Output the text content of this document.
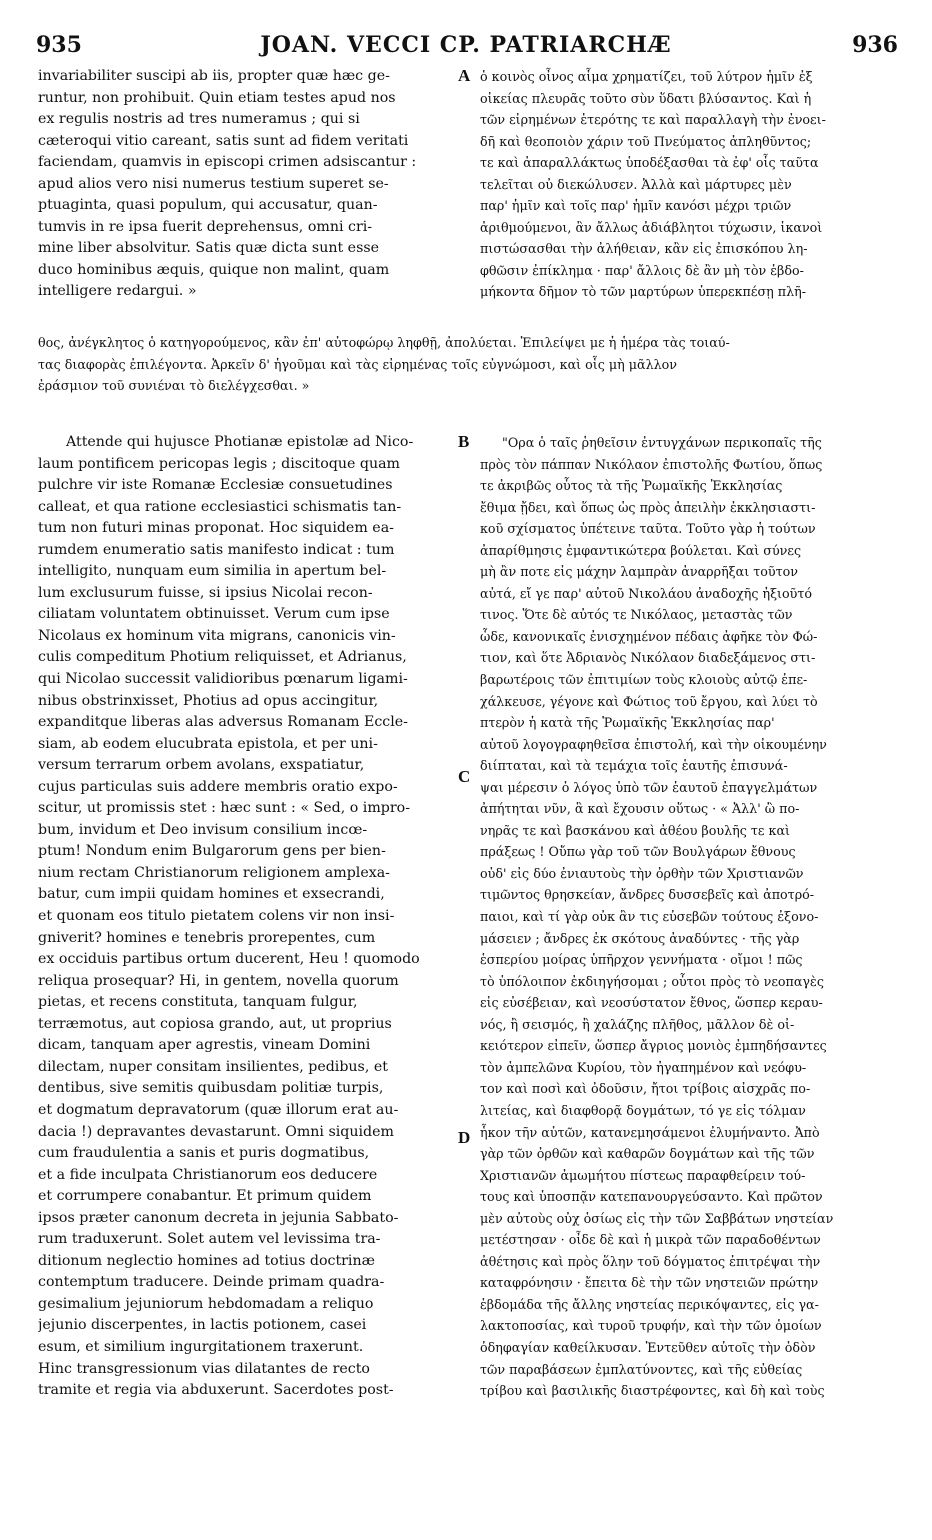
935	JOAN. VECCI CP. PATRIARCHÆ	936
A
B
C
D
invariabiliter suscipi ab iis, propter quæ hæc ge-
runtur, non prohibuit. Quin etiam testes apud nos
ex regulis nostris ad tres numeramus ; qui si
cæteroqui vitio careant, satis sunt ad fidem veritati
faciendam, quamvis in episcopi crimen adsiscantur :
apud alios vero nisi numerus testium superet se-
ptuaginta, quasi populum, qui accusatur, quan-
tumvis in re ipsa fuerit deprehensus, omni cri-
mine liber absolvitur. Satis quæ dicta sunt esse
duco hominibus æquis, quique non malint, quam
intelligere redargui. »
ὁ κοινὸς οἶνος αἷμα χρηματίζει, τοῦ λύτρον ἡμῖν ἐξ
οἰκείας πλευρᾶς τοῦτο σὺν ὕδατι βλύσαντος. Καὶ ἡ
τῶν εἰρημένων ἑτερότης τε καὶ παραλλαγὴ τὴν ἐνοει-
δῆ καὶ θεοποιὸν χάριν τοῦ Πνεύματος ἀπληθῦντος;
τε καὶ ἀπαραλλάκτως ὑποδέξασθαι τὰ ἐφ' οἷς ταῦτα
τελεῖται οὐ διεκώλυσεν. Ἀλλὰ καὶ μάρτυρες μὲν
παρ' ἡμῖν καὶ τοῖς παρ' ἡμῖν κανόσι μέχρι τριῶν
ἀριθμούμενοι, ἂν ἄλλως ἀδιάβλητοι τύχωσιν, ἱκανοὶ
πιστώσασθαι τὴν ἀλήθειαν, κἂν εἰς ἐπισκόπου λη-
φθῶσιν ἐπίκλημα · παρ' ἄλλοις δὲ ἂν μὴ τὸν ἑβδο-
μήκοντα δῆμον τὸ τῶν μαρτύρων ὑπερεκπέσῃ πλῆ-
θος, ἀνέγκλητος ὁ κατηγορούμενος, κἂν ἐπ' αὐτοφώρῳ ληφθῇ, ἀπολύεται. Ἐπιλείψει με ἡ ἡμέρα τὰς τοιαύ-
τας διαφορὰς ἐπιλέγοντα. Ἀρκεῖν δ' ἡγοῦμαι καὶ τὰς εἰρημένας τοῖς εὐγνώμοσι, καὶ οἷς μὴ μᾶλλον
ἐράσμιον τοῦ συνιέναι τὸ διελέγχεσθαι. »
Attende qui hujusce Photianæ epistolæ ad Nico-
laum pontificem pericopas legis ; discitoque quam
pulchre vir iste Romanæ Ecclesiæ consuetudines
calleat, et qua ratione ecclesiastici schismatis tan-
tum non futuri minas proponat. Hoc siquidem ea-
rumdem enumeratio satis manifesto indicat : tum
intelligito, nunquam eum similia in apertum bel-
lum exclusurum fuisse, si ipsius Nicolai recon-
ciliatam voluntatem obtinuisset. Verum cum ipse
Nicolaus ex hominum vita migrans, canonicis vin-
culis compeditum Photium reliquisset, et Adrianus,
qui Nicolao successit validioribus pœnarum ligami-
nibus obstrinxisset, Photius ad opus accingitur,
expanditque liberas alas adversus Romanam Eccle-
siam, ab eodem elucubrata epistola, et per uni-
versum terrarum orbem avolans, exspatiatur,
cujus particulas suis addere membris oratio expo-
scitur, ut promissis stet : hæc sunt : « Sed, o impro-
bum, invidum et Deo invisum consilium incœ-
ptum! Nondum enim Bulgarorum gens per bien-
nium rectam Christianorum religionem amplexa-
batur, cum impii quidam homines et exsecrandi,
et quonam eos titulo pietatem colens vir non insi-
gniverit? homines e tenebris prorepentes, cum
ex occiduis partibus ortum ducerent, Heu ! quomodo
reliqua prosequar? Hi, in gentem, novella quorum
pietas, et recens constituta, tanquam fulgur,
terræmotus, aut copiosa grando, aut, ut proprius
dicam, tanquam aper agrestis, vineam Domini
dilectam, nuper consitam insilientes, pedibus, et
dentibus, sive semitis quibusdam politiæ turpis,
et dogmatum depravatorum (quæ illorum erat au-
dacia !) depravantes devastarunt. Omni siquidem
cum fraudulentia a sanis et puris dogmatibus,
et a fide inculpata Christianorum eos deducere
et corrumpere conabantur. Et primum quidem
ipsos præter canonum decreta in jejunia Sabbato-
rum traduxerunt. Solet autem vel levissima tra-
ditionum neglectio homines ad totius doctrinæ
contemptum traducere. Deinde primam quadra-
gesimalium jejuniorum hebdomadam a reliquo
jejunio discerpentes, in lactis potionem, casei
esum, et similium ingurgitationem traxerunt.
Hinc transgressionum vias dilatantes de recto
tramite et regia via abduxerunt. Sacerdotes post-
"Ορα ὁ ταῖς ῥηθεῖσιν ἐντυγχάνων περικοπαῖς τῆς
πρὸς τὸν πάππαν Νικόλαον ἐπιστολῆς Φωτίου, ὅπως
τε ἀκριβῶς οὗτος τὰ τῆς Ῥωμαϊκῆς Ἐκκλησίας
ἔθιμα ᾔδει, καὶ ὅπως ὡς πρὸς ἀπειλὴν ἐκκλησιαστι-
κοῦ σχίσματος ὑπέτεινε ταῦτα. Τοῦτο γὰρ ἡ τούτων
ἀπαρίθμησις ἐμφαντικώτερα βούλεται. Καὶ σύνες
μὴ ἂν ποτε εἰς μάχην λαμπρὰν ἀναρρῆξαι τοῦτον
αὐτά, εἴ γε παρ' αὐτοῦ Νικολάου ἀναδοχῆς ἠξιοῦτό
τινος. Ὅτε δὲ αὐτός τε Νικόλαος, μεταστὰς τῶν
ὧδε, κανονικαῖς ἐνισχημένον πέδαις ἀφῆκε τὸν Φώ-
τιον, καὶ ὅτε Ἀδριανὸς Νικόλαον διαδεξάμενος στι-
βαρωτέροις τῶν ἐπιτιμίων τοὺς κλοιοὺς αὐτῷ ἐπε-
χάλκευσε, γέγονε καὶ Φώτιος τοῦ ἔργου, καὶ λύει τὸ
πτερὸν ἡ κατὰ τῆς Ῥωμαϊκῆς Ἐκκλησίας παρ'
αὐτοῦ λογογραφηθεῖσα ἐπιστολή, καὶ τὴν οἰκουμένην
διίπταται, καὶ τὰ τεμάχια τοῖς ἑαυτῆς ἐπισυνά-
ψαι μέρεσιν ὁ λόγος ὑπὸ τῶν ἑαυτοῦ ἐπαγγελμάτων
ἀπήτηται νῦν, ἃ καὶ ἔχουσιν οὕτως · « Ἀλλ' ὢ πο-
νηρᾶς τε καὶ βασκάνου καὶ ἀθέου βουλῆς τε καὶ
πράξεως ! Οὔπω γὰρ τοῦ τῶν Βουλγάρων ἔθνους
οὐδ' εἰς δύο ἐνιαυτοὺς τὴν ὀρθὴν τῶν Χριστιανῶν
τιμῶντος θρησκείαν, ἄνδρες δυσσεβεῖς καὶ ἀποτρό-
παιοι, καὶ τί γὰρ οὐκ ἂν τις εὐσεβῶν τούτους ἐξονο-
μάσειεν ; ἄνδρες ἐκ σκότους ἀναδύντες · τῆς γὰρ
ἑσπερίου μοίρας ὑπῆρχον γεννήματα · οἴμοι ! πῶς
τὸ ὑπόλοιπον ἐκδιηγήσομαι ; οὗτοι πρὸς τὸ νεοπαγὲς
εἰς εὐσέβειαν, καὶ νεοσύστατον ἔθνος, ὥσπερ κεραυ-
νός, ἢ σεισμός, ἢ χαλάζης πλῆθος, μᾶλλον δὲ οἰ-
κειότερον εἰπεῖν, ὥσπερ ἄγριος μονιὸς ἐμπηδήσαντες
τὸν ἀμπελῶνα Κυρίου, τὸν ἠγαπημένον καὶ νεόφυ-
τον καὶ ποσὶ καὶ ὀδοῦσιν, ἤτοι τρίβοις αἰσχρᾶς πο-
λιτείας, καὶ διαφθορᾷ δογμάτων, τό γε εἰς τόλμαν
ἧκον τῆν αὐτῶν, κατανεμησάμενοι ἐλυμήναντο. Ἀπὸ
γὰρ τῶν ὀρθῶν καὶ καθαρῶν δογμάτων καὶ τῆς τῶν
Χριστιανῶν ἀμωμήτου πίστεως παραφθείρειν τού-
τους καὶ ὑποσπᾷν κατεπανουργεύσαντο. Καὶ πρῶτον
μὲν αὐτοὺς οὐχ ὁσίως εἰς τὴν τῶν Σαββάτων νηστείαν
μετέστησαν · οἶδε δὲ καὶ ἡ μικρὰ τῶν παραδοθέντων
ἀθέτησις καὶ πρὸς ὅλην τοῦ δόγματος ἐπιτρέψαι τὴν
καταφρόνησιν · ἔπειτα δὲ τὴν τῶν νηστειῶν πρώτην
ἑβδομάδα τῆς ἄλλης νηστείας περικόψαντες, εἰς γα-
λακτοποσίας, καὶ τυροῦ τρυφήν, καὶ τὴν τῶν ὁμοίων
ὀδηφαγίαν καθείλκυσαν. Ἐντεῦθεν αὐτοῖς τὴν ὁδὸν
τῶν παραβάσεων ἐμπλατύνοντες, καὶ τῆς εὐθείας
τρίβου καὶ βασιλικῆς διαστρέφοντες, καὶ δὴ καὶ τοὺς
